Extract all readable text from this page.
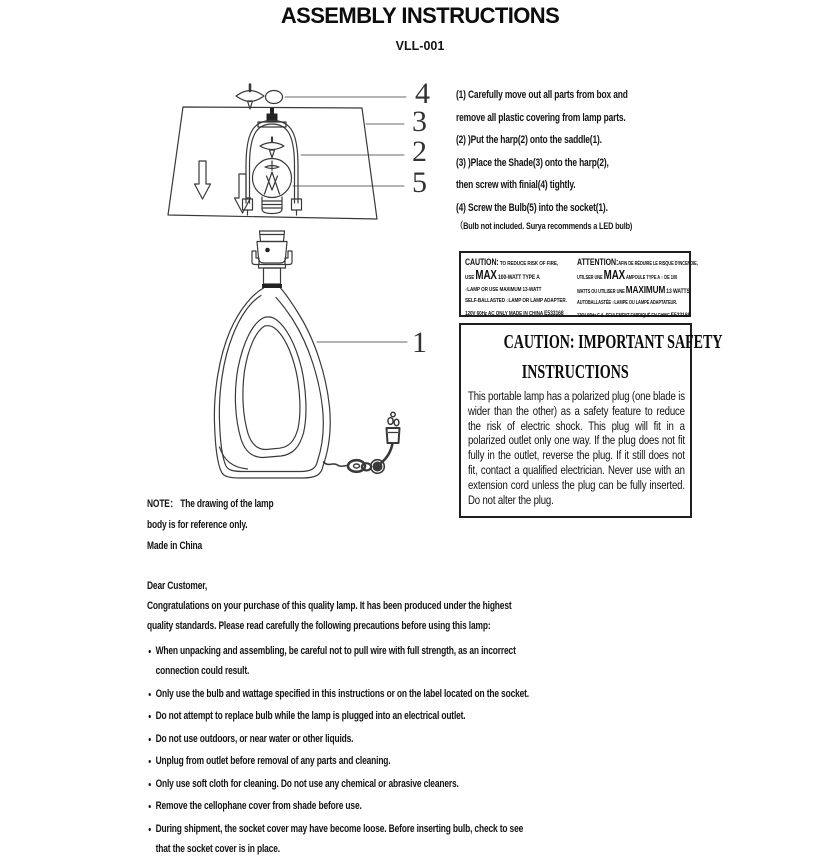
ASSEMBLY INSTRUCTIONS
VLL-001
4
3
2
5
1
(1) Carefully move out all parts from box and
remove all plastic covering from lamp parts.
(2) )Put the harp(2) onto the saddle(1).
(3) )Place the Shade(3) onto the harp(2),
then screw with finial(4) tightly.
(4) Screw the Bulb(5) into the socket(1).
（Bulb not included. Surya recommends a LED bulb)
CAUTION: TO REDUCE RISK OF FIRE,
USE MAX 100-WATT TYPE A
○LAMP OR USE MAXIMUM 13-WATT
SELF-BALLASTED ○LAMP OR LAMP ADAPTER.
120V 60Hz AC ONLY MADE IN CHINA E533168
ATTENTION:AFIN DE RÉDUIRE LE RISQUE D'INCENDIE,
UTILSER UNE MAX AMPOULE TYPE A ○ DE 100
WATTS OU UTILISER UNE MAXIMUM 13 WATTS
AUTOBALLASTÉE ○LAMPE OU LAMPE ADAPTATEUR.
120V 60Hz C.A. SEULEMENT FABRIQUÉ EN CHINE E533168
CAUTION: IMPORTANT SAFETY
INSTRUCTIONS
This portable lamp has a polarized plug (one blade is wider than the other) as a safety feature to reduce the risk of electric shock. This plug will fit in a polarized outlet only one way. If the plug does not fit fully in the outlet, reverse the plug. If it still does not fit, contact a qualified electrician. Never use with an extension cord unless the plug can be fully inserted. Do not alter the plug.
NOTE： The drawing of the lamp
body is for reference only.
Made in China
Dear Customer,
Congratulations on your purchase of this quality lamp. It has been produced under the highest
quality standards. Please read carefully the following precautions before using this lamp:
When unpacking and assembling, be careful not to pull wire with full strength, as an incorrect
connection could result.
Only use the bulb and wattage specified in this instructions or on the label located on the socket.
Do not attempt to replace bulb while the lamp is plugged into an electrical outlet.
Do not use outdoors, or near water or other liquids.
Unplug from outlet before removal of any parts and cleaning.
Only use soft cloth for cleaning. Do not use any chemical or abrasive cleaners.
Remove the cellophane cover from shade before use.
During shipment, the socket cover may have become loose. Before inserting bulb, check to see
that the socket cover is in place.
